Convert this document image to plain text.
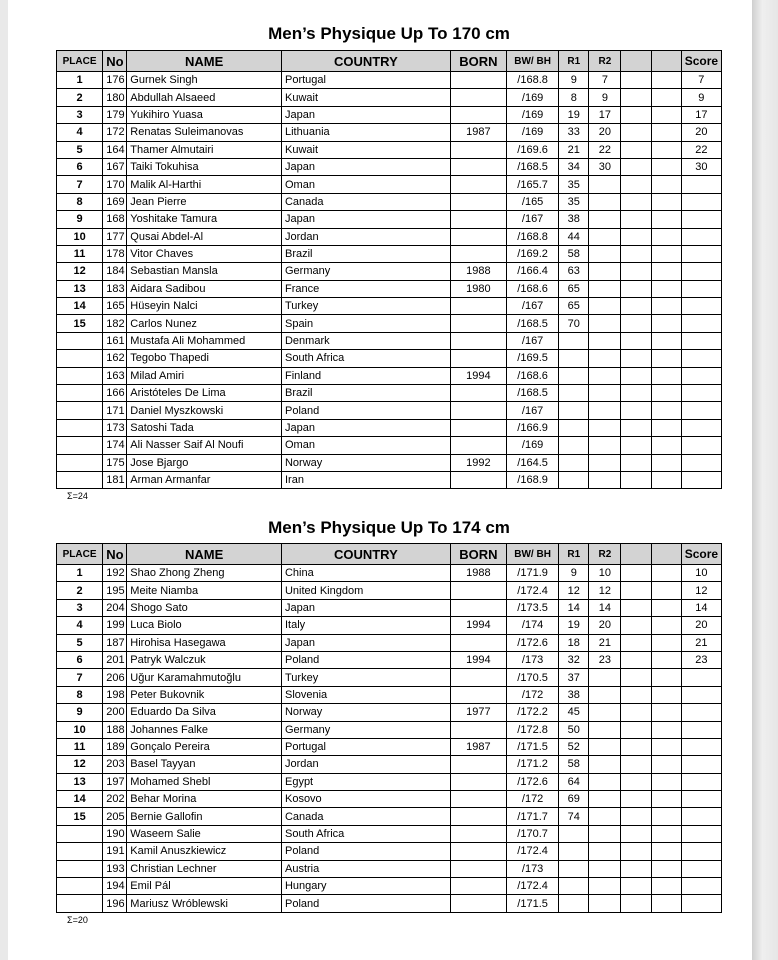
Men’s Physique Up To 170 cm
PLACE	No	NAME	COUNTRY	BORN	BW/ BH	R1	R2			Score
1	176	Gurnek Singh	Portugal		/168.8	9	7			7
2	180	Abdullah Alsaeed	Kuwait		/169	8	9			9
3	179	Yukihiro Yuasa	Japan		/169	19	17			17
4	172	Renatas Suleimanovas	Lithuania	1987	/169	33	20			20
5	164	Thamer Almutairi	Kuwait		/169.6	21	22			22
6	167	Taiki Tokuhisa	Japan		/168.5	34	30			30
7	170	Malik Al-Harthi	Oman		/165.7	35				
8	169	Jean Pierre	Canada		/165	35				
9	168	Yoshitake Tamura	Japan		/167	38				
10	177	Qusai Abdel-Al	Jordan		/168.8	44				
11	178	Vitor Chaves	Brazil		/169.2	58				
12	184	Sebastian Mansla	Germany	1988	/166.4	63				
13	183	Aidara Sadibou	France	1980	/168.6	65				
14	165	Hüseyin Nalci	Turkey		/167	65				
15	182	Carlos Nunez	Spain		/168.5	70				
	161	Mustafa Ali Mohammed	Denmark		/167					
	162	Tegobo Thapedi	South Africa		/169.5					
	163	Milad Amiri	Finland	1994	/168.6					
	166	Aristóteles De Lima	Brazil		/168.5					
	171	Daniel Myszkowski	Poland		/167					
	173	Satoshi Tada	Japan		/166.9					
	174	Ali Nasser Saif Al Noufi	Oman		/169					
	175	Jose Bjargo	Norway	1992	/164.5					
	181	Arman Armanfar	Iran		/168.9					
Σ=24
Men’s Physique Up To 174 cm
PLACE	No	NAME	COUNTRY	BORN	BW/ BH	R1	R2			Score
1	192	Shao Zhong Zheng	China	1988	/171.9	9	10			10
2	195	Meite Niamba	United Kingdom		/172.4	12	12			12
3	204	Shogo Sato	Japan		/173.5	14	14			14
4	199	Luca Biolo	Italy	1994	/174	19	20			20
5	187	Hirohisa Hasegawa	Japan		/172.6	18	21			21
6	201	Patryk Walczuk	Poland	1994	/173	32	23			23
7	206	Uğur Karamahmutoğlu	Turkey		/170.5	37				
8	198	Peter Bukovnik	Slovenia		/172	38				
9	200	Eduardo Da Silva	Norway	1977	/172.2	45				
10	188	Johannes Falke	Germany		/172.8	50				
11	189	Gonçalo Pereira	Portugal	1987	/171.5	52				
12	203	Basel Tayyan	Jordan		/171.2	58				
13	197	Mohamed Shebl	Egypt		/172.6	64				
14	202	Behar Morina	Kosovo		/172	69				
15	205	Bernie Gallofin	Canada		/171.7	74				
	190	Waseem Salie	South Africa		/170.7					
	191	Kamil Anuszkiewicz	Poland		/172.4					
	193	Christian Lechner	Austria		/173					
	194	Emil Pál	Hungary		/172.4					
	196	Mariusz Wróblewski	Poland		/171.5					
Σ=20
